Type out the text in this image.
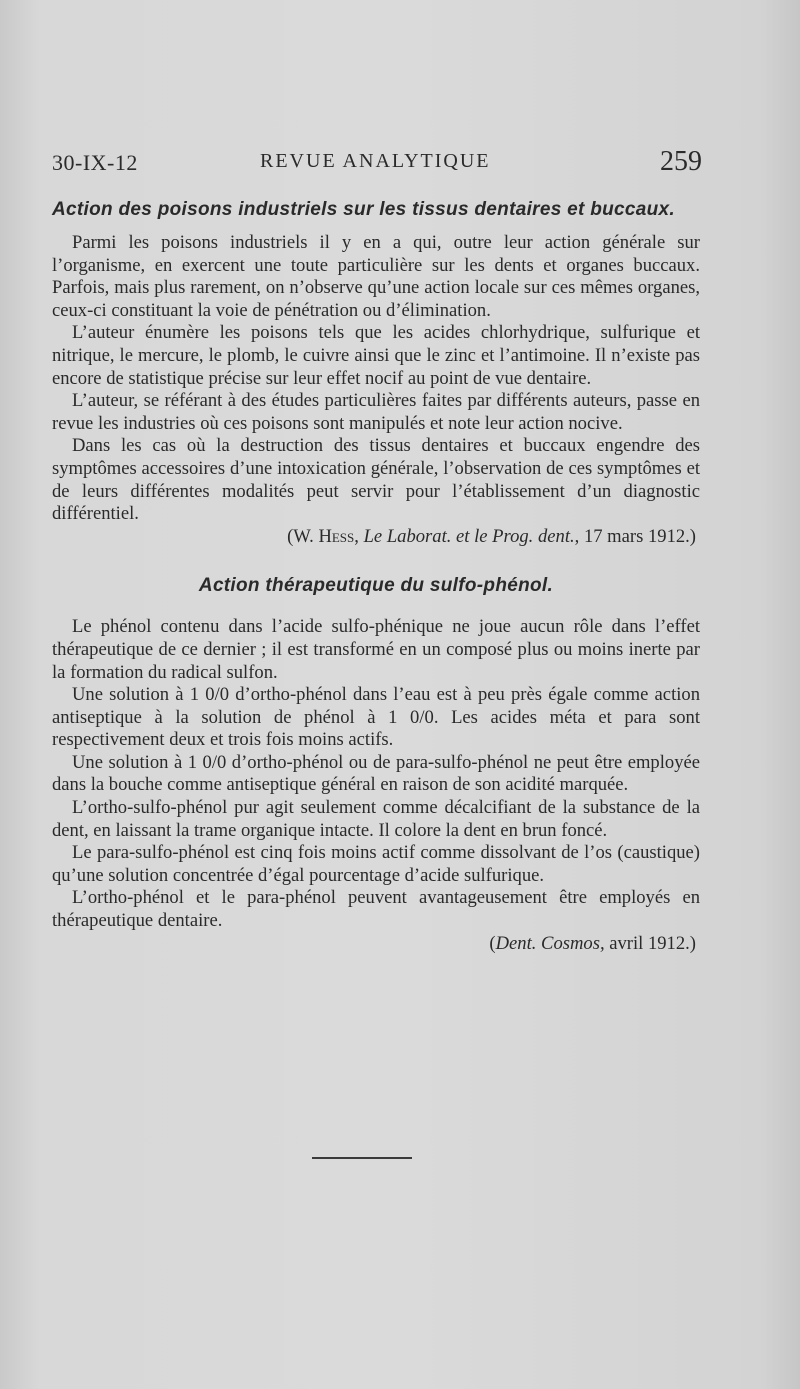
30-IX-12	REVUE ANALYTIQUE	259
Action des poisons industriels sur les tissus dentaires et buccaux.

Parmi les poisons industriels il y en a qui, outre leur action générale sur l’organisme, en exercent une toute particulière sur les dents et organes buccaux. Parfois, mais plus rarement, on n’observe qu’une action locale sur ces mêmes organes, ceux-ci constituant la voie de pénétration ou d’élimination.

L’auteur énumère les poisons tels que les acides chlorhydrique, sulfurique et nitrique, le mercure, le plomb, le cuivre ainsi que le zinc et l’antimoine. Il n’existe pas encore de statistique précise sur leur effet nocif au point de vue dentaire.

L’auteur, se référant à des études particulières faites par différents auteurs, passe en revue les industries où ces poisons sont manipulés et note leur action nocive.

Dans les cas où la destruction des tissus dentaires et buccaux engendre des symptômes accessoires d’une intoxication générale, l’observation de ces symptômes et de leurs différentes modalités peut servir pour l’établissement d’un diagnostic différentiel.

(W. Hess, Le Laborat. et le Prog. dent., 17 mars 1912.)

Action thérapeutique du sulfo-phénol.

Le phénol contenu dans l’acide sulfo-phénique ne joue aucun rôle dans l’effet thérapeutique de ce dernier ; il est transformé en un composé plus ou moins inerte par la formation du radical sulfon.

Une solution à 1 0/0 d’ortho-phénol dans l’eau est à peu près égale comme action antiseptique à la solution de phénol à 1 0/0. Les acides méta et para sont respectivement deux et trois fois moins actifs.

Une solution à 1 0/0 d’ortho-phénol ou de para-sulfo-phénol ne peut être employée dans la bouche comme antiseptique général en raison de son acidité marquée.

L’ortho-sulfo-phénol pur agit seulement comme décalcifiant de la substance de la dent, en laissant la trame organique intacte. Il colore la dent en brun foncé.

Le para-sulfo-phénol est cinq fois moins actif comme dissolvant de l’os (caustique) qu’une solution concentrée d’égal pourcentage d’acide sulfurique.

L’ortho-phénol et le para-phénol peuvent avantageusement être employés en thérapeutique dentaire.

(Dent. Cosmos, avril 1912.)
